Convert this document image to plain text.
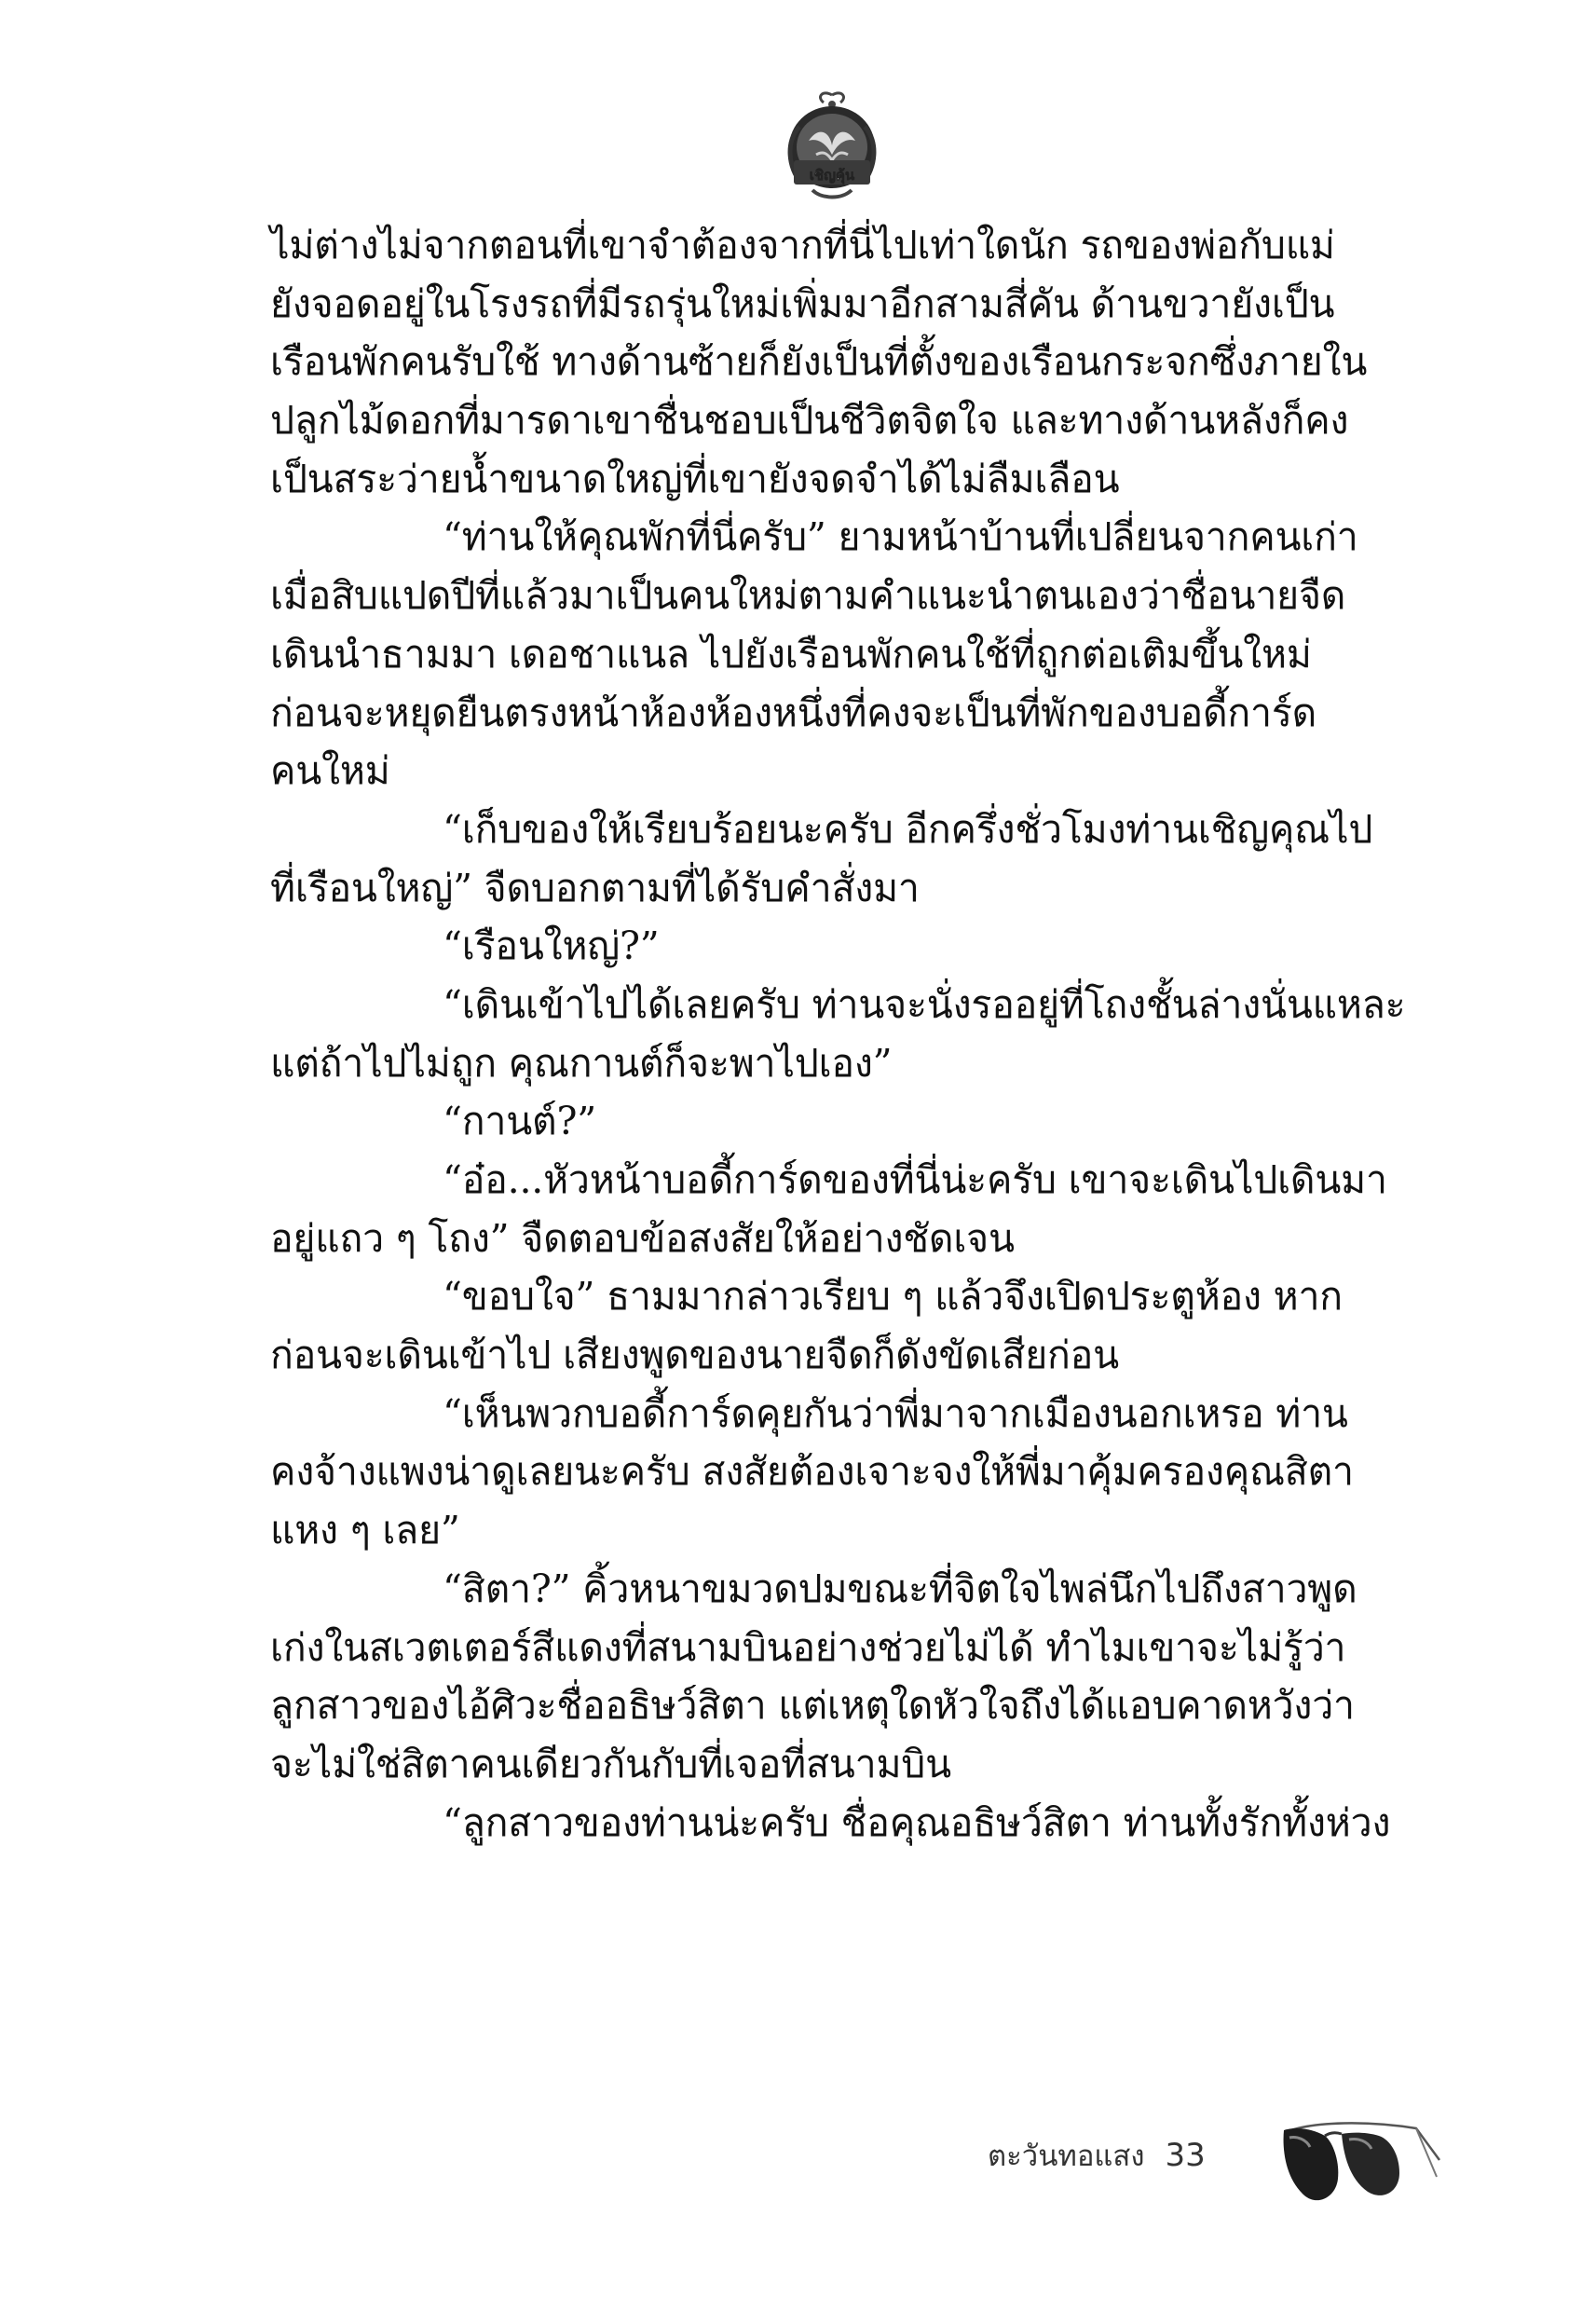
เชิญคุ้น
ไม่ต่างไม่จากตอนที่เขาจำต้องจากที่นี่ไปเท่าใดนัก รถของพ่อกับแม่
ยังจอดอยู่ในโรงรถที่มีรถรุ่นใหม่เพิ่มมาอีกสามสี่คัน ด้านขวายังเป็น
เรือนพักคนรับใช้ ทางด้านซ้ายก็ยังเป็นที่ตั้งของเรือนกระจกซึ่งภายใน
ปลูกไม้ดอกที่มารดาเขาชื่นชอบเป็นชีวิตจิตใจ และทางด้านหลังก็คง
เป็นสระว่ายน้ำขนาดใหญ่ที่เขายังจดจำได้ไม่ลืมเลือน
“ท่านให้คุณพักที่นี่ครับ” ยามหน้าบ้านที่เปลี่ยนจากคนเก่า
เมื่อสิบแปดปีที่แล้วมาเป็นคนใหม่ตามคำแนะนำตนเองว่าชื่อนายจืด
เดินนำธามมา เดอชาแนล ไปยังเรือนพักคนใช้ที่ถูกต่อเติมขึ้นใหม่
ก่อนจะหยุดยืนตรงหน้าห้องห้องหนึ่งที่คงจะเป็นที่พักของบอดี้การ์ด
คนใหม่
“เก็บของให้เรียบร้อยนะครับ อีกครึ่งชั่วโมงท่านเชิญคุณไป
ที่เรือนใหญ่” จืดบอกตามที่ได้รับคำสั่งมา
“เรือนใหญ่?”
“เดินเข้าไปได้เลยครับ ท่านจะนั่งรออยู่ที่โถงชั้นล่างนั่นแหละ
แต่ถ้าไปไม่ถูก คุณกานต์ก็จะพาไปเอง”
“กานต์?”
“อ๋อ...หัวหน้าบอดี้การ์ดของที่นี่น่ะครับ เขาจะเดินไปเดินมา
อยู่แถว ๆ โถง” จืดตอบข้อสงสัยให้อย่างชัดเจน
“ขอบใจ” ธามมากล่าวเรียบ ๆ แล้วจึงเปิดประตูห้อง หาก
ก่อนจะเดินเข้าไป เสียงพูดของนายจืดก็ดังขัดเสียก่อน
“เห็นพวกบอดี้การ์ดคุยกันว่าพี่มาจากเมืองนอกเหรอ ท่าน
คงจ้างแพงน่าดูเลยนะครับ สงสัยต้องเจาะจงให้พี่มาคุ้มครองคุณสิตา
แหง ๆ เลย”
“สิตา?” คิ้วหนาขมวดปมขณะที่จิตใจไพล่นึกไปถึงสาวพูด
เก่งในสเวตเตอร์สีแดงที่สนามบินอย่างช่วยไม่ได้ ทำไมเขาจะไม่รู้ว่า
ลูกสาวของไอ้ศิวะชื่ออธิษว์สิตา แต่เหตุใดหัวใจถึงได้แอบคาดหวังว่า
จะไม่ใช่สิตาคนเดียวกันกับที่เจอที่สนามบิน
“ลูกสาวของท่านน่ะครับ ชื่อคุณอธิษว์สิตา ท่านทั้งรักทั้งห่วง
ตะวันทอแสง 33
